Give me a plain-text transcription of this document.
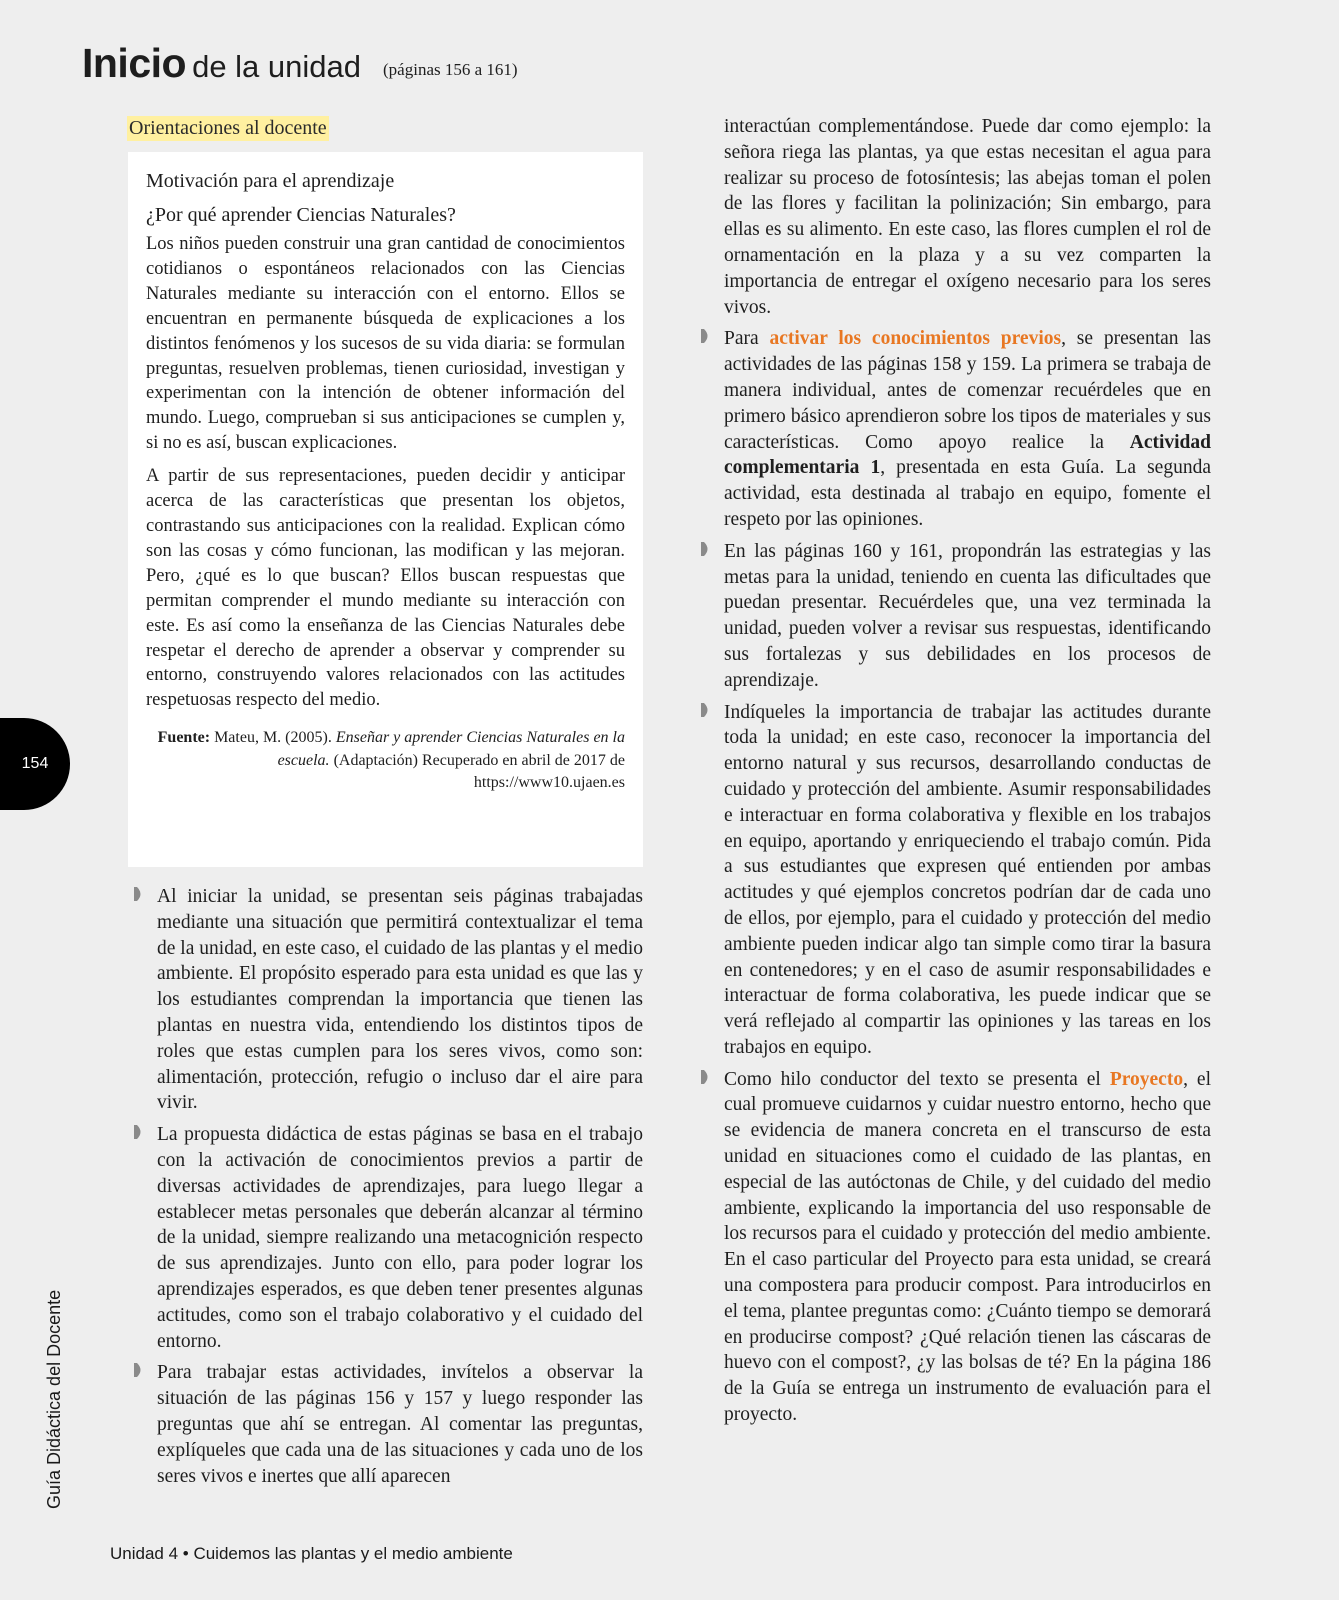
Inicio de la unidad (páginas 156 a 161)
Orientaciones al docente
Motivación para el aprendizaje
¿Por qué aprender Ciencias Naturales?

Los niños pueden construir una gran cantidad de conocimientos cotidianos o espontáneos relacionados con las Ciencias Naturales mediante su interacción con el entorno. Ellos se encuentran en permanente búsqueda de explicaciones a los distintos fenómenos y los sucesos de su vida diaria: se formulan preguntas, resuelven problemas, tienen curiosidad, investigan y experimentan con la intención de obtener información del mundo. Luego, comprueban si sus anticipaciones se cumplen y, si no es así, buscan explicaciones.

A partir de sus representaciones, pueden decidir y anticipar acerca de las características que presentan los objetos, contrastando sus anticipaciones con la realidad. Explican cómo son las cosas y cómo funcionan, las modifican y las mejoran. Pero, ¿qué es lo que buscan? Ellos buscan respuestas que permitan comprender el mundo mediante su interacción con este. Es así como la enseñanza de las Ciencias Naturales debe respetar el derecho de aprender a observar y comprender su entorno, construyendo valores relacionados con las actitudes respetuosas respecto del medio.

Fuente: Mateu, M. (2005). Enseñar y aprender Ciencias Naturales en la escuela. (Adaptación) Recuperado en abril de 2017 de https://www10.ujaen.es

Al iniciar la unidad, se presentan seis páginas trabajadas mediante una situación que permitirá contextualizar el tema de la unidad, en este caso, el cuidado de las plantas y el medio ambiente. El propósito esperado para esta unidad es que las y los estudiantes comprendan la importancia que tienen las plantas en nuestra vida, entendiendo los distintos tipos de roles que estas cumplen para los seres vivos, como son: alimentación, protección, refugio o incluso dar el aire para vivir.

La propuesta didáctica de estas páginas se basa en el trabajo con la activación de conocimientos previos a partir de diversas actividades de aprendizajes, para luego llegar a establecer metas personales que deberán alcanzar al término de la unidad, siempre realizando una metacognición respecto de sus aprendizajes. Junto con ello, para poder lograr los aprendizajes esperados, es que deben tener presentes algunas actitudes, como son el trabajo colaborativo y el cuidado del entorno.

Para trabajar estas actividades, invítelos a observar la situación de las páginas 156 y 157 y luego responder las preguntas que ahí se entregan. Al comentar las preguntas, explíqueles que cada una de las situaciones y cada uno de los seres vivos e inertes que allí aparecen

interactúan complementándose. Puede dar como ejemplo: la señora riega las plantas, ya que estas necesitan el agua para realizar su proceso de fotosíntesis; las abejas toman el polen de las flores y facilitan la polinización; Sin embargo, para ellas es su alimento. En este caso, las flores cumplen el rol de ornamentación en la plaza y a su vez comparten la importancia de entregar el oxígeno necesario para los seres vivos.

Para activar los conocimientos previos, se presentan las actividades de las páginas 158 y 159. La primera se trabaja de manera individual, antes de comenzar recuérdeles que en primero básico aprendieron sobre los tipos de materiales y sus características. Como apoyo realice la Actividad complementaria 1, presentada en esta Guía. La segunda actividad, esta destinada al trabajo en equipo, fomente el respeto por las opiniones.

En las páginas 160 y 161, propondrán las estrategias y las metas para la unidad, teniendo en cuenta las dificultades que puedan presentar. Recuérdeles que, una vez terminada la unidad, pueden volver a revisar sus respuestas, identificando sus fortalezas y sus debilidades en los procesos de aprendizaje.

Indíqueles la importancia de trabajar las actitudes durante toda la unidad; en este caso, reconocer la importancia del entorno natural y sus recursos, desarrollando conductas de cuidado y protección del ambiente. Asumir responsabilidades e interactuar en forma colaborativa y flexible en los trabajos en equipo, aportando y enriqueciendo el trabajo común. Pida a sus estudiantes que expresen qué entienden por ambas actitudes y qué ejemplos concretos podrían dar de cada uno de ellos, por ejemplo, para el cuidado y protección del medio ambiente pueden indicar algo tan simple como tirar la basura en contenedores; y en el caso de asumir responsabilidades e interactuar de forma colaborativa, les puede indicar que se verá reflejado al compartir las opiniones y las tareas en los trabajos en equipo.

Como hilo conductor del texto se presenta el Proyecto, el cual promueve cuidarnos y cuidar nuestro entorno, hecho que se evidencia de manera concreta en el transcurso de esta unidad en situaciones como el cuidado de las plantas, en especial de las autóctonas de Chile, y del cuidado del medio ambiente, explicando la importancia del uso responsable de los recursos para el cuidado y protección del medio ambiente. En el caso particular del Proyecto para esta unidad, se creará una compostera para producir compost. Para introducirlos en el tema, plantee preguntas como: ¿Cuánto tiempo se demorará en producirse compost? ¿Qué relación tienen las cáscaras de huevo con el compost?, ¿y las bolsas de té? En la página 186 de la Guía se entrega un instrumento de evaluación para el proyecto.

154
Guía Didáctica del Docente
Unidad 4 • Cuidemos las plantas y el medio ambiente
